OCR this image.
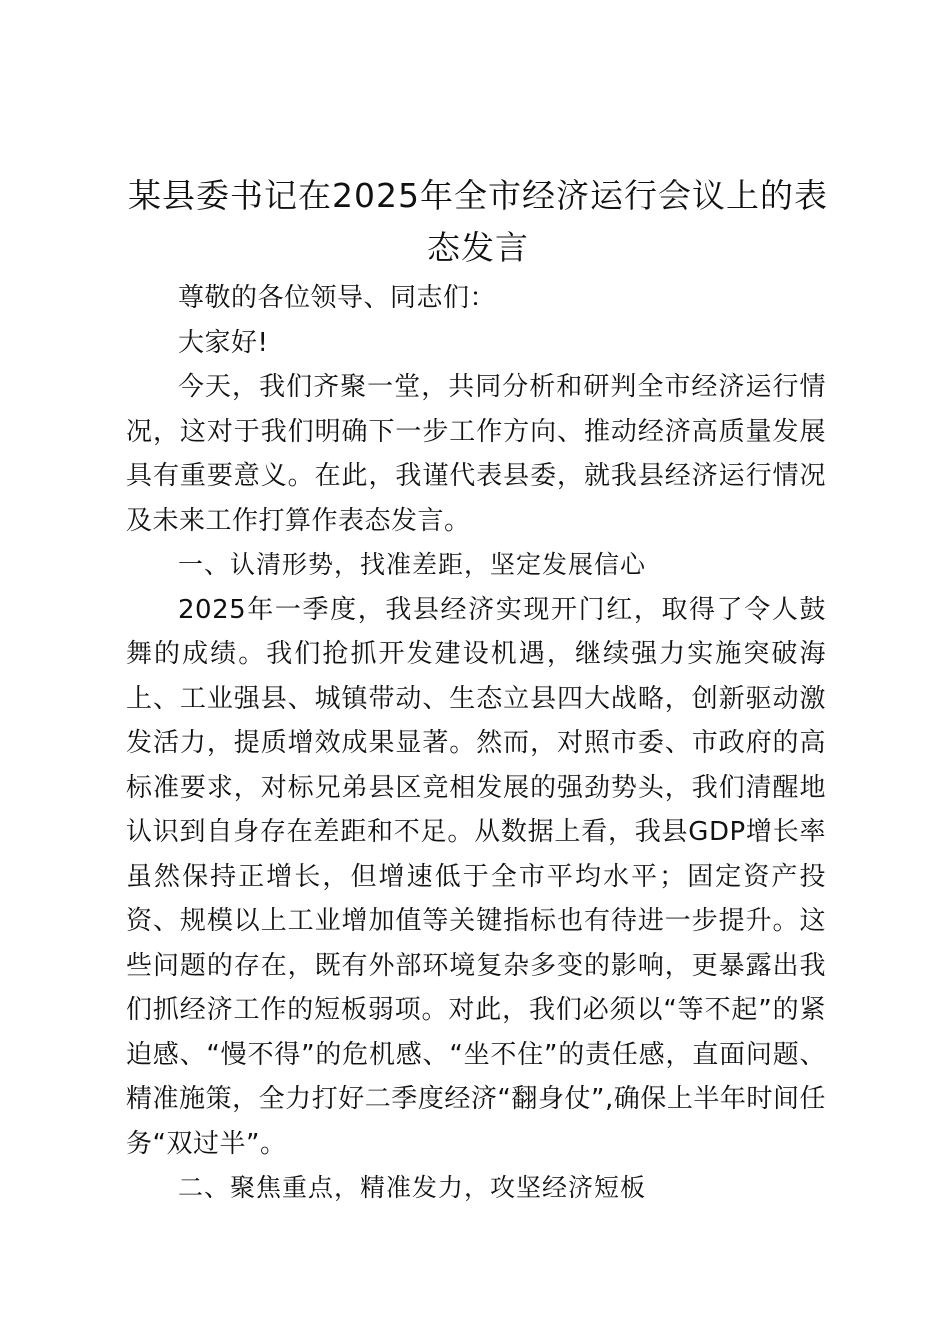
某县委书记在2025年全市经济运行会议上的表态发言

尊敬的各位领导、同志们：

大家好!

今天，我们齐聚一堂，共同分析和研判全市经济运行情况，这对于我们明确下一步工作方向、推动经济高质量发展具有重要意义。在此，我谨代表县委，就我县经济运行情况及未来工作打算作表态发言。

一、认清形势，找准差距，坚定发展信心

2025年一季度，我县经济实现开门红，取得了令人鼓舞的成绩。我们抢抓开发建设机遇，继续强力实施突破海上、工业强县、城镇带动、生态立县四大战略，创新驱动激发活力，提质增效成果显著。然而，对照市委、市政府的高标准要求，对标兄弟县区竞相发展的强劲势头，我们清醒地认识到自身存在差距和不足。从数据上看，我县GDP增长率虽然保持正增长，但增速低于全市平均水平；固定资产投资、规模以上工业增加值等关键指标也有待进一步提升。这些问题的存在，既有外部环境复杂多变的影响，更暴露出我们抓经济工作的短板弱项。对此，我们必须以“等不起”的紧迫感、“慢不得”的危机感、“坐不住”的责任感，直面问题、精准施策，全力打好二季度经济“翻身仗”,确保上半年时间任务“双过半”。

二、聚焦重点，精准发力，攻坚经济短板
